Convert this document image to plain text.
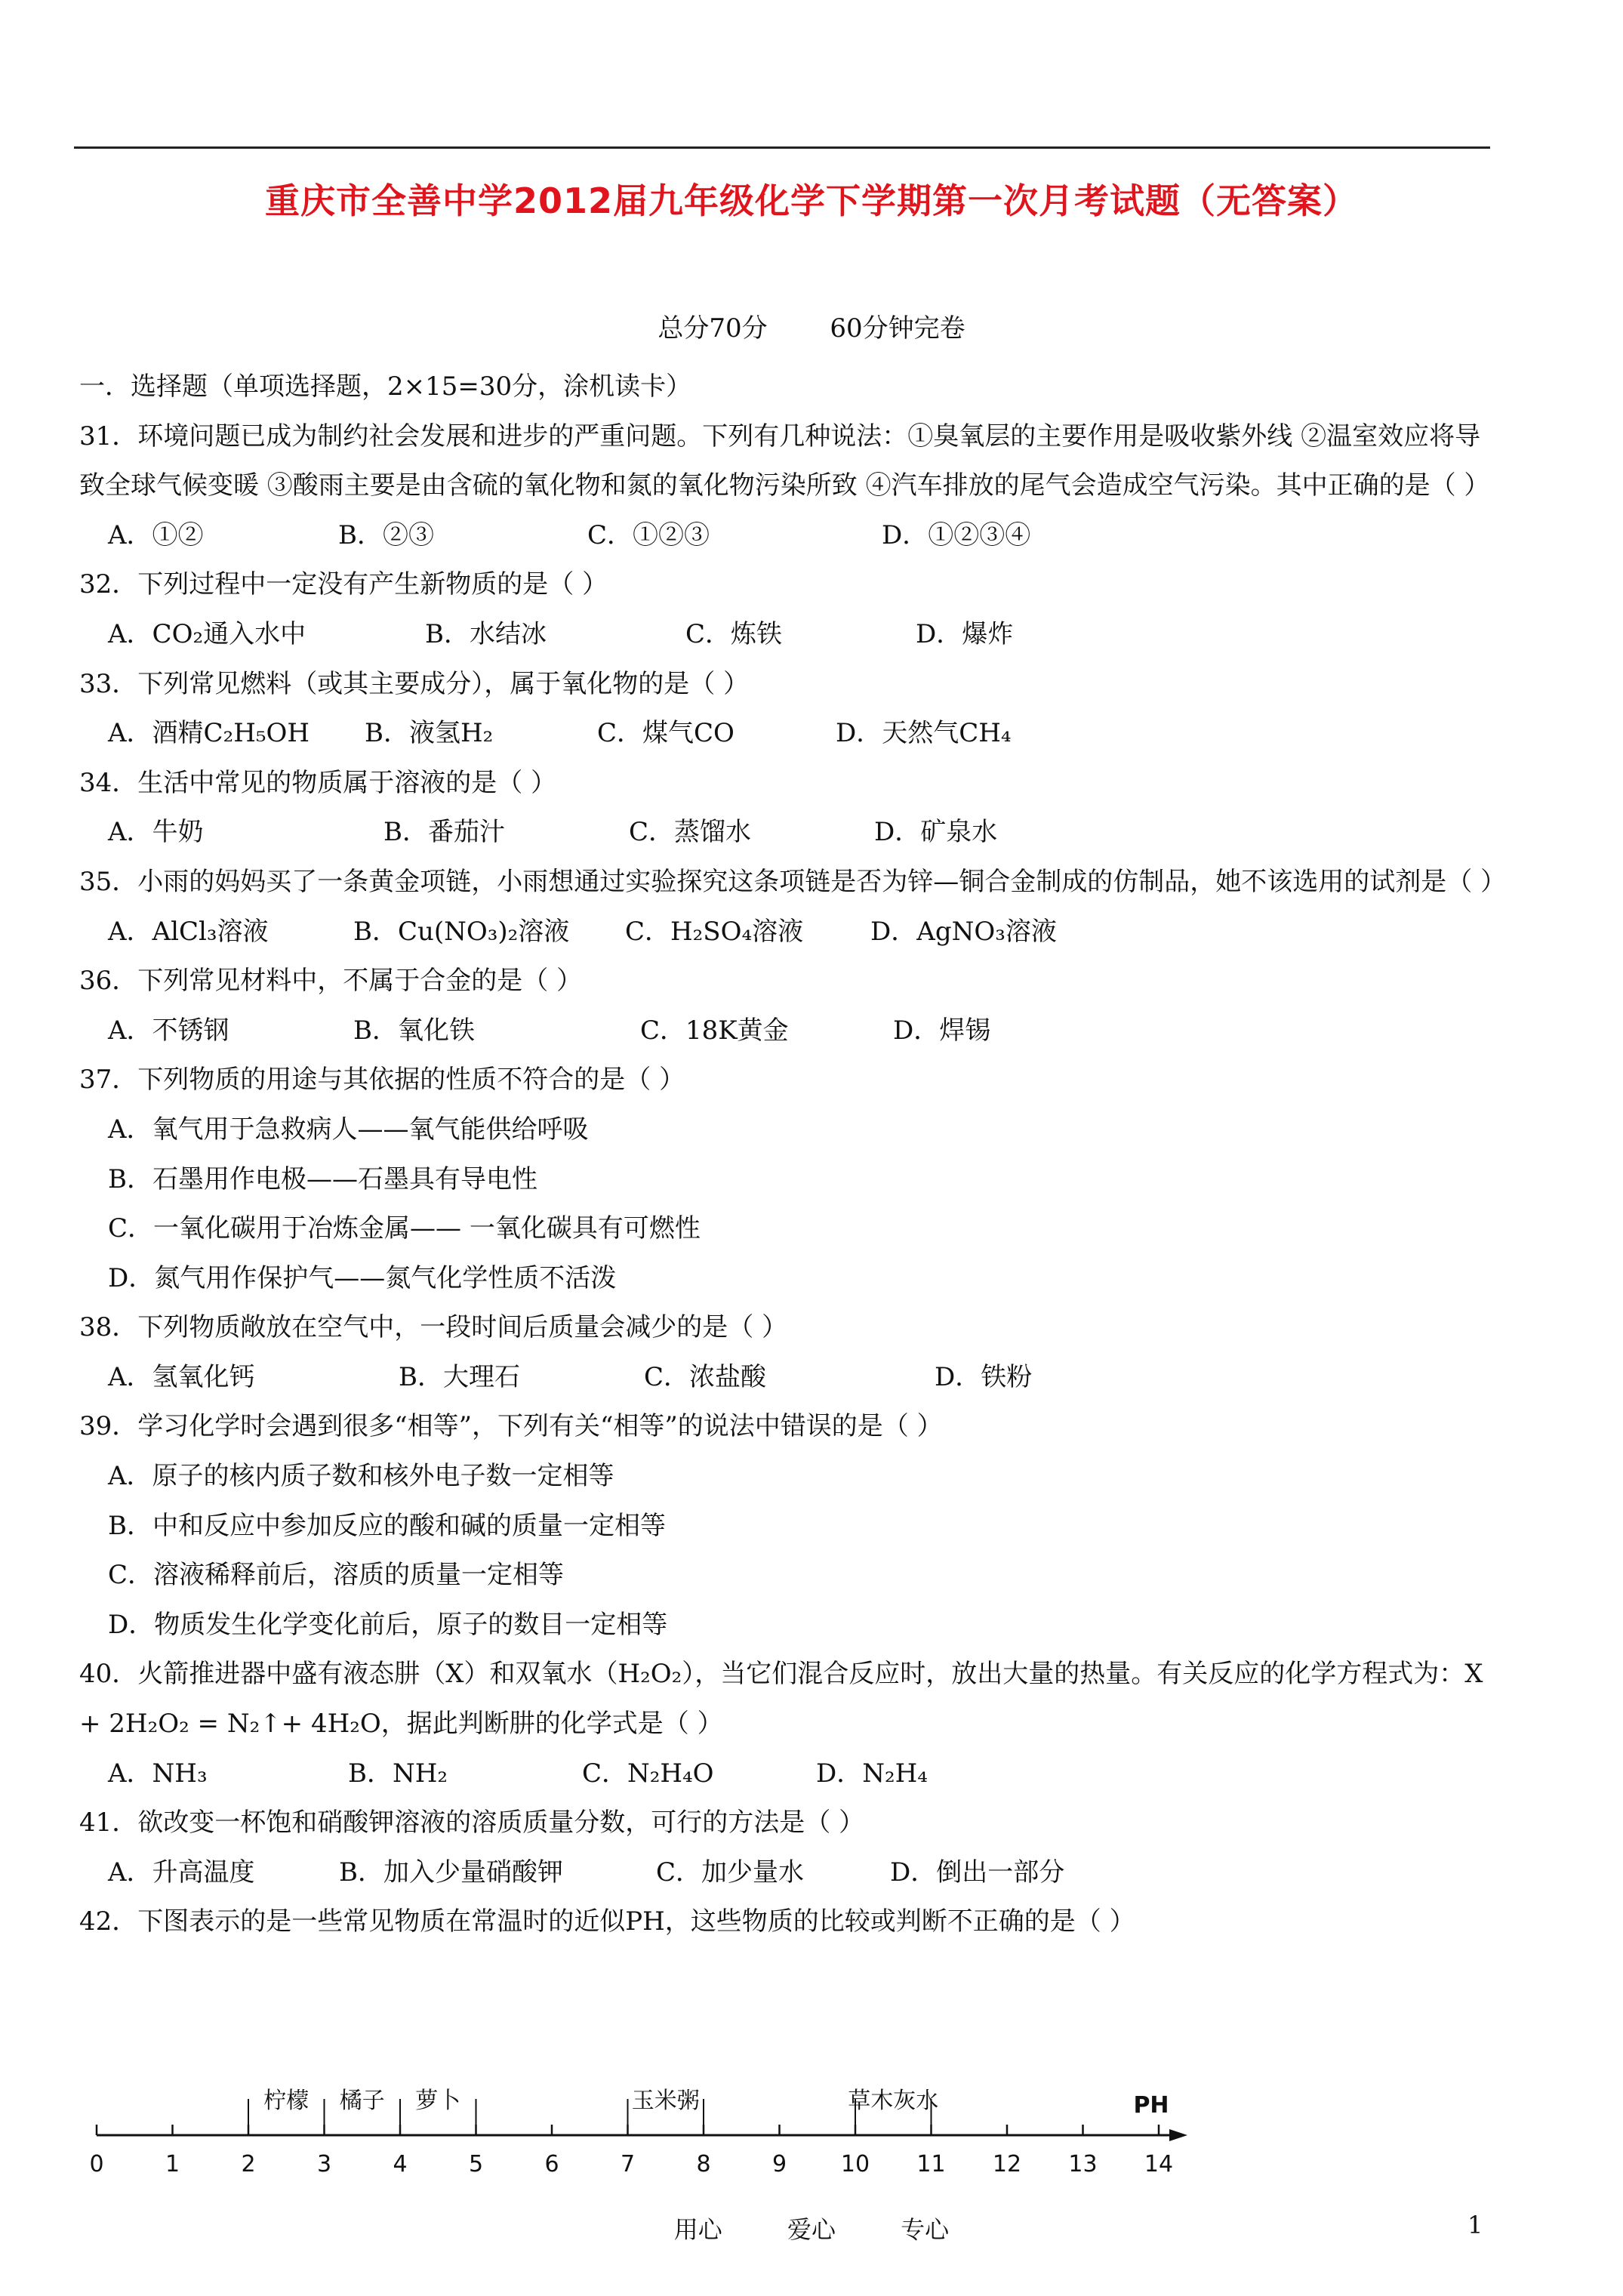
重庆市全善中学2012届九年级化学下学期第一次月考试题（无答案）
总分70分 60分钟完卷
一．选择题（单项选择题，2×15=30分，涂机读卡）
31．环境问题已成为制约社会发展和进步的严重问题。下列有几种说法：①臭氧层的主要作用是吸收紫外线 ②温室效应将导致全球气候变暖 ③酸雨主要是由含硫的氧化物和氮的氧化物污染所致 ④汽车排放的尾气会造成空气污染。其中正确的是（ ）
A．①②	B．②③	C．①②③	D．①②③④
32．下列过程中一定没有产生新物质的是（ ）
A．CO₂通入水中	B．水结冰	C．炼铁	D．爆炸
33．下列常见燃料（或其主要成分），属于氧化物的是（ ）
A．酒精C₂H₅OH B．液氢H₂	C．煤气CO	D．天然气CH₄
34．生活中常见的物质属于溶液的是（ ）
A．牛奶	B．番茄汁	C．蒸馏水	D．矿泉水
35．小雨的妈妈买了一条黄金项链，小雨想通过实验探究这条项链是否为锌—铜合金制成的仿制品，她不该选用的试剂是（ ）
A．AlCl₃溶液	B．Cu(NO₃)₂溶液 C．H₂SO₄溶液	D．AgNO₃溶液
36．下列常见材料中，不属于合金的是（ ）
A．不锈钢	B．氧化铁	C．18K黄金	D．焊锡
37．下列物质的用途与其依据的性质不符合的是（ ）
A．氧气用于急救病人——氧气能供给呼吸
B．石墨用作电极——石墨具有导电性
C．一氧化碳用于冶炼金属—— 一氧化碳具有可燃性
D．氮气用作保护气——氮气化学性质不活泼
38．下列物质敞放在空气中，一段时间后质量会减少的是（ ）
A．氢氧化钙	B．大理石	C．浓盐酸	D．铁粉
39．学习化学时会遇到很多“相等”，下列有关“相等”的说法中错误的是（ ）
A．原子的核内质子数和核外电子数一定相等
B．中和反应中参加反应的酸和碱的质量一定相等
C．溶液稀释前后，溶质的质量一定相等
D．物质发生化学变化前后，原子的数目一定相等
40．火箭推进器中盛有液态肼（X）和双氧水（H₂O₂），当它们混合反应时，放出大量的热量。有关反应的化学方程式为：X + 2H₂O₂ = N₂↑+ 4H₂O，据此判断肼的化学式是（ ）
A．NH₃	B．NH₂	C．N₂H₄O	D．N₂H₄
41．欲改变一杯饱和硝酸钾溶液的溶质质量分数，可行的方法是（ ）
A．升高温度	B．加入少量硝酸钾	C．加少量水	D．倒出一部分
42．下图表示的是一些常见物质在常温时的近似PH，这些物质的比较或判断不正确的是（ ）
0	1	2	3	4	5	6	7	8	9 10 11 12 13 14
柠檬 橘子 萝卜	玉米粥	草木灰水	PH
用心	爱心	专心	1
